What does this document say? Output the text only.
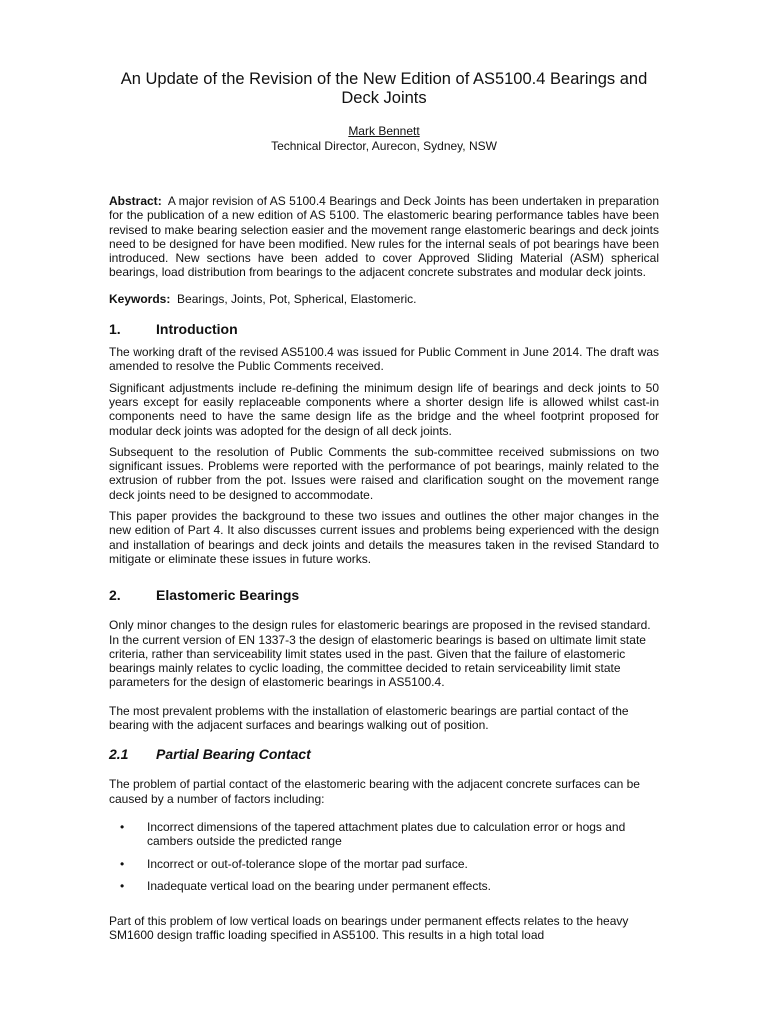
An Update of the Revision of the New Edition of AS5100.4 Bearings and Deck Joints
Mark Bennett
Technical Director, Aurecon, Sydney, NSW
Abstract: A major revision of AS 5100.4 Bearings and Deck Joints has been undertaken in preparation for the publication of a new edition of AS 5100. The elastomeric bearing performance tables have been revised to make bearing selection easier and the movement range elastomeric bearings and deck joints need to be designed for have been modified. New rules for the internal seals of pot bearings have been introduced. New sections have been added to cover Approved Sliding Material (ASM) spherical bearings, load distribution from bearings to the adjacent concrete substrates and modular deck joints.
Keywords: Bearings, Joints, Pot, Spherical, Elastomeric.
1.	Introduction

The working draft of the revised AS5100.4 was issued for Public Comment in June 2014. The draft was amended to resolve the Public Comments received.

Significant adjustments include re-defining the minimum design life of bearings and deck joints to 50 years except for easily replaceable components where a shorter design life is allowed whilst cast-in components need to have the same design life as the bridge and the wheel footprint proposed for modular deck joints was adopted for the design of all deck joints.

Subsequent to the resolution of Public Comments the sub-committee received submissions on two significant issues. Problems were reported with the performance of pot bearings, mainly related to the extrusion of rubber from the pot. Issues were raised and clarification sought on the movement range deck joints need to be designed to accommodate.

This paper provides the background to these two issues and outlines the other major changes in the new edition of Part 4. It also discusses current issues and problems being experienced with the design and installation of bearings and deck joints and details the measures taken in the revised Standard to mitigate or eliminate these issues in future works.

2.	Elastomeric Bearings

Only minor changes to the design rules for elastomeric bearings are proposed in the revised standard. In the current version of EN 1337-3 the design of elastomeric bearings is based on ultimate limit state criteria, rather than serviceability limit states used in the past. Given that the failure of elastomeric bearings mainly relates to cyclic loading, the committee decided to retain serviceability limit state parameters for the design of elastomeric bearings in AS5100.4.

The most prevalent problems with the installation of elastomeric bearings are partial contact of the bearing with the adjacent surfaces and bearings walking out of position.

2.1	Partial Bearing Contact

The problem of partial contact of the elastomeric bearing with the adjacent concrete surfaces can be caused by a number of factors including:

• Incorrect dimensions of the tapered attachment plates due to calculation error or hogs and cambers outside the predicted range
• Incorrect or out-of-tolerance slope of the mortar pad surface.
• Inadequate vertical load on the bearing under permanent effects.

Part of this problem of low vertical loads on bearings under permanent effects relates to the heavy SM1600 design traffic loading specified in AS5100. This results in a high total load
